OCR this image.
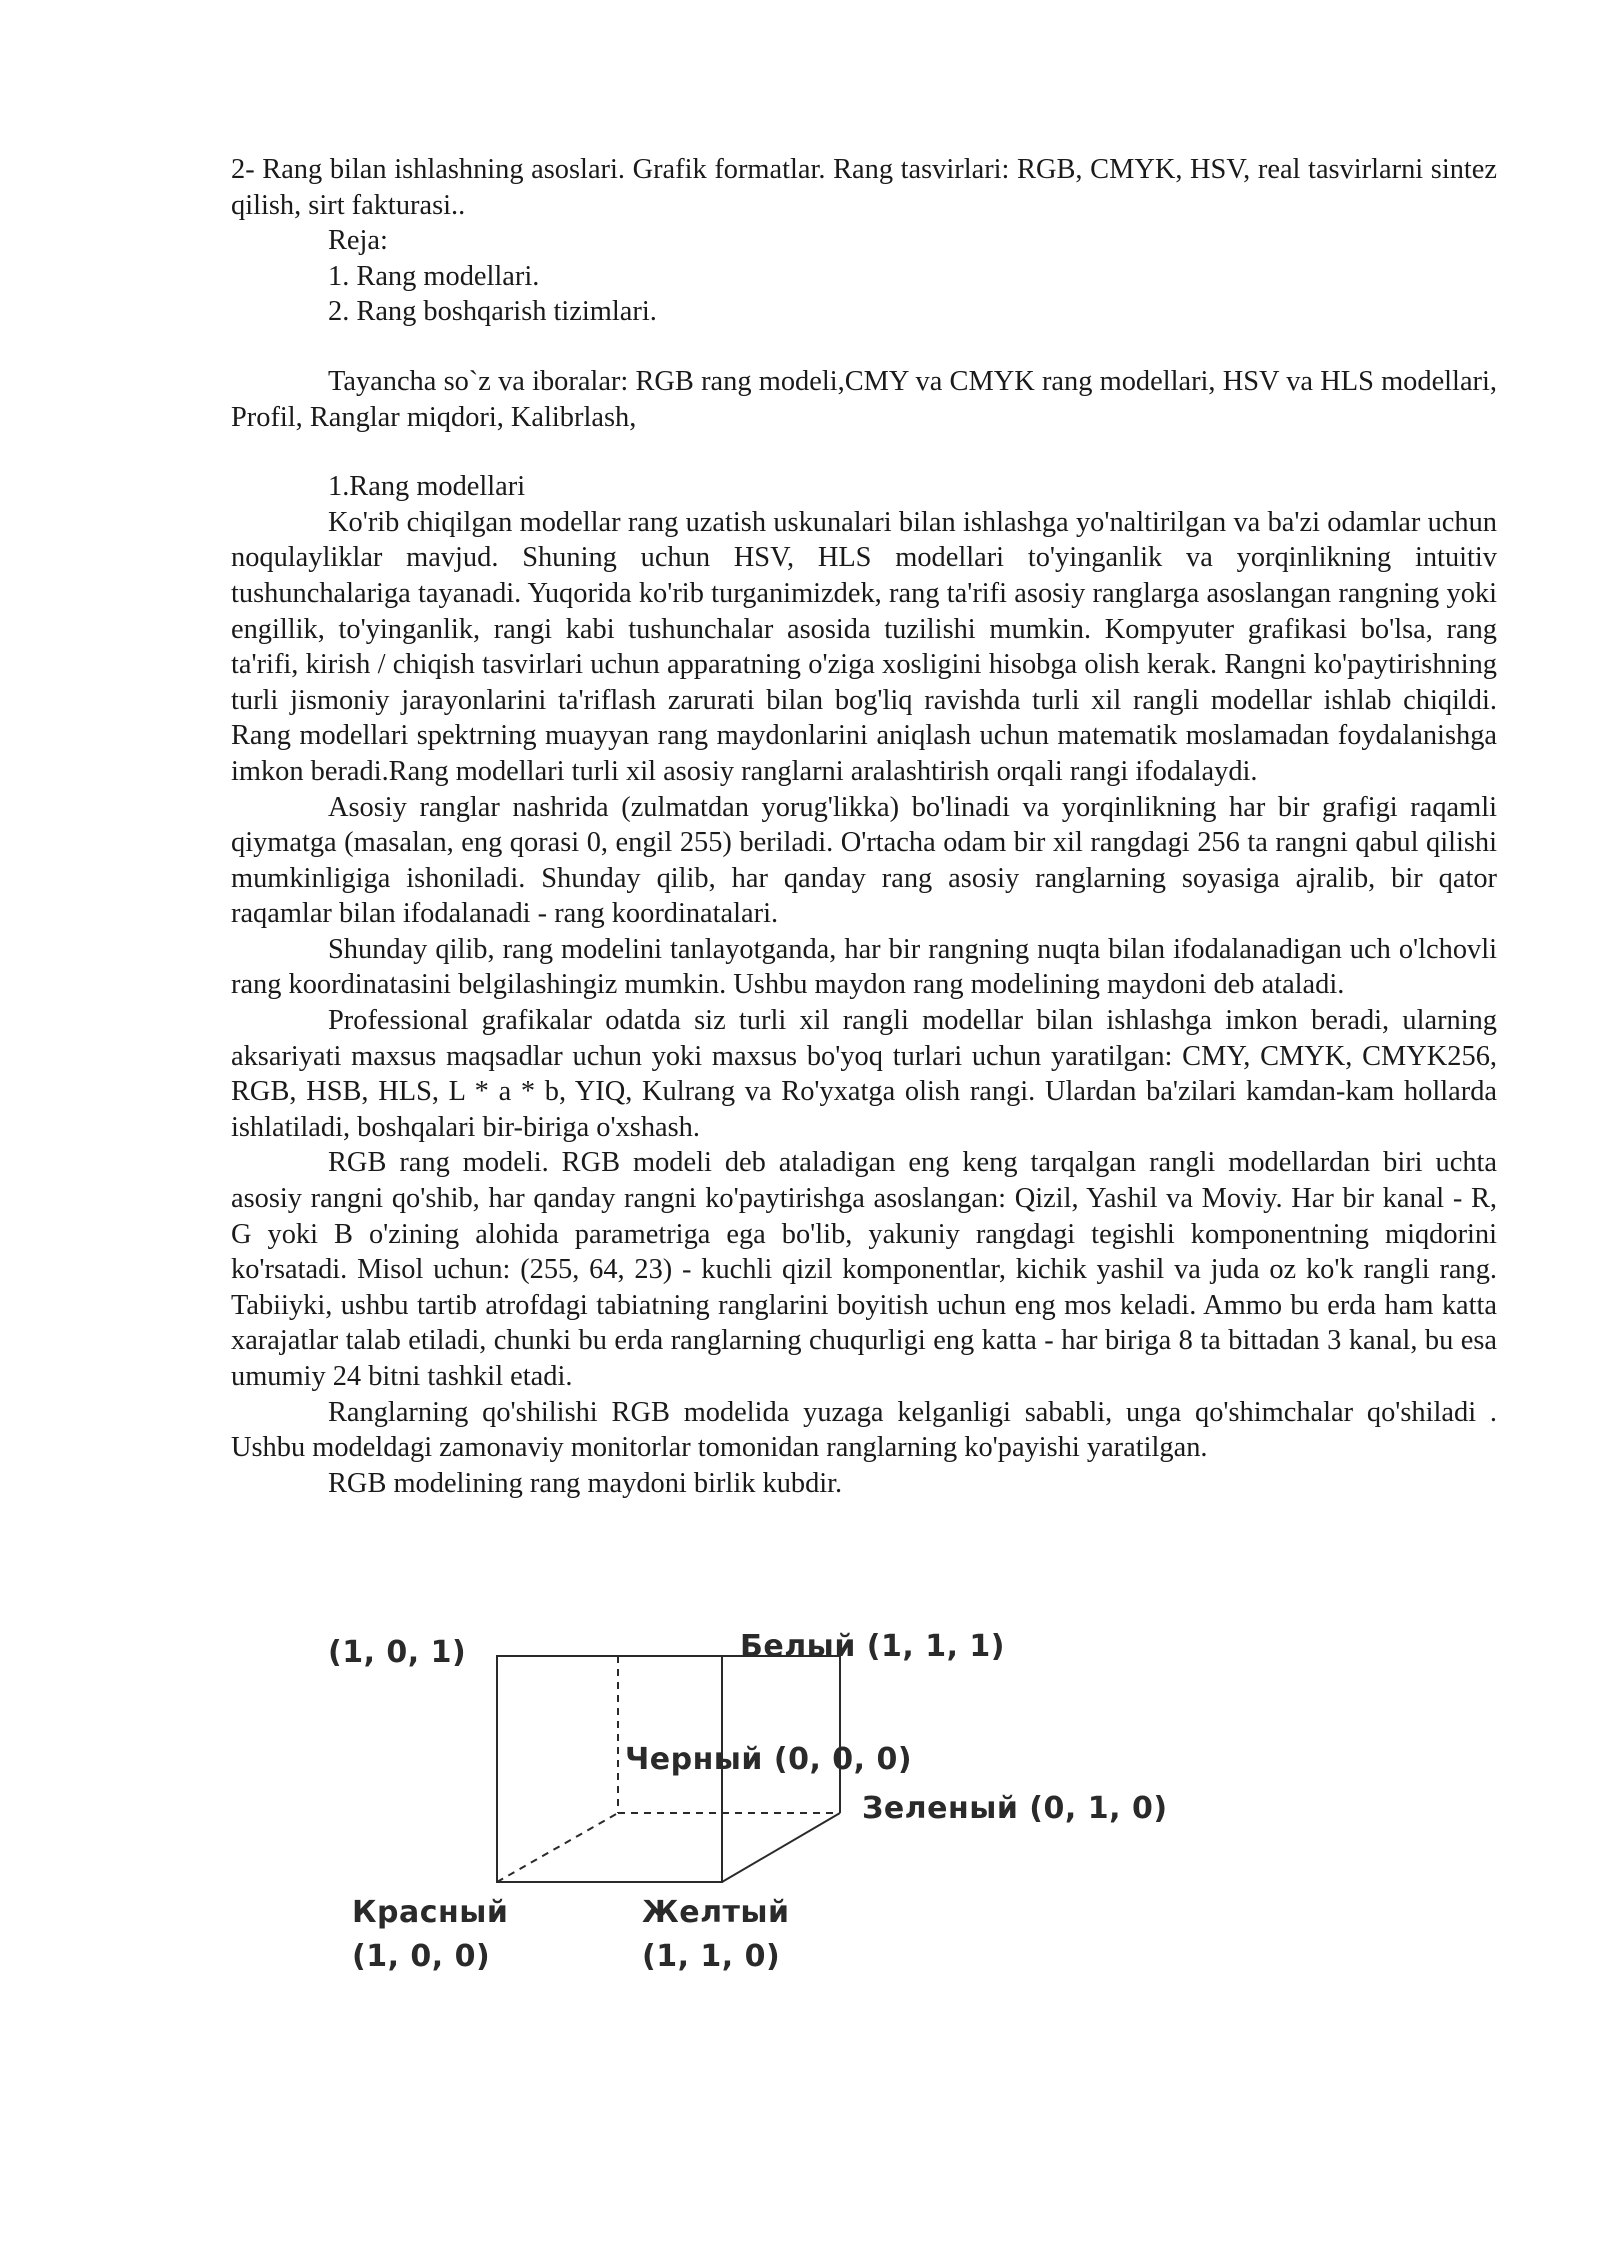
2- Rang bilan ishlashning asoslari. Grafik formatlar. Rang tasvirlari: RGB, CMYK, HSV, real tasvirlarni sintez qilish, sirt fakturasi..

Reja:

1. Rang modellari.

2. Rang boshqarish tizimlari.

Tayancha so`z va iboralar: RGB rang modeli,CMY va CMYK rang modellari, HSV va HLS modellari, Profil, Ranglar miqdori, Kalibrlash,

1.Rang modellari

Ko'rib chiqilgan modellar rang uzatish uskunalari bilan ishlashga yo'naltirilgan va ba'zi odamlar uchun noqulayliklar mavjud. Shuning uchun HSV, HLS modellari to'yinganlik va yorqinlikning intuitiv tushunchalariga tayanadi. Yuqorida ko'rib turganimizdek, rang ta'rifi asosiy ranglarga asoslangan rangning yoki engillik, to'yinganlik, rangi kabi tushunchalar asosida tuzilishi mumkin. Kompyuter grafikasi bo'lsa, rang ta'rifi, kirish / chiqish tasvirlari uchun apparatning o'ziga xosligini hisobga olish kerak. Rangni ko'paytirishning turli jismoniy jarayonlarini ta'riflash zarurati bilan bog'liq ravishda turli xil rangli modellar ishlab chiqildi. Rang modellari spektrning muayyan rang maydonlarini aniqlash uchun matematik moslamadan foydalanishga imkon beradi.Rang modellari turli xil asosiy ranglarni aralashtirish orqali rangi ifodalaydi.

Asosiy ranglar nashrida (zulmatdan yorug'likka) bo'linadi va yorqinlikning har bir grafigi raqamli qiymatga (masalan, eng qorasi 0, engil 255) beriladi. O'rtacha odam bir xil rangdagi 256 ta rangni qabul qilishi mumkinligiga ishoniladi. Shunday qilib, har qanday rang asosiy ranglarning soyasiga ajralib, bir qator raqamlar bilan ifodalanadi - rang koordinatalari.

Shunday qilib, rang modelini tanlayotganda, har bir rangning nuqta bilan ifodalanadigan uch o'lchovli rang koordinatasini belgilashingiz mumkin. Ushbu maydon rang modelining maydoni deb ataladi.

Professional grafikalar odatda siz turli xil rangli modellar bilan ishlashga imkon beradi, ularning aksariyati maxsus maqsadlar uchun yoki maxsus bo'yoq turlari uchun yaratilgan: CMY, CMYK, CMYK256, RGB, HSB, HLS, L * a * b, YIQ, Kulrang va Ro'yxatga olish rangi. Ulardan ba'zilari kamdan-kam hollarda ishlatiladi, boshqalari bir-biriga o'xshash.

RGB rang modeli. RGB modeli deb ataladigan eng keng tarqalgan rangli modellardan biri uchta asosiy rangni qo'shib, har qanday rangni ko'paytirishga asoslangan: Qizil, Yashil va Moviy. Har bir kanal - R, G yoki B o'zining alohida parametriga ega bo'lib, yakuniy rangdagi tegishli komponentning miqdorini ko'rsatadi. Misol uchun: (255, 64, 23) - kuchli qizil komponentlar, kichik yashil va juda oz ko'k rangli rang. Tabiiyki, ushbu tartib atrofdagi tabiatning ranglarini boyitish uchun eng mos keladi. Ammo bu erda ham katta xarajatlar talab etiladi, chunki bu erda ranglarning chuqurligi eng katta - har biriga 8 ta bittadan 3 kanal, bu esa umumiy 24 bitni tashkil etadi.

Ranglarning qo'shilishi RGB modelida yuzaga kelganligi sababli, unga qo'shimchalar qo'shiladi . Ushbu modeldagi zamonaviy monitorlar tomonidan ranglarning ko'payishi yaratilgan.

RGB modelining rang maydoni birlik kubdir.

(1, 0, 1)	Белый (1, 1, 1)
Черный (0, 0, 0)
Зеленый (0, 1, 0)
Красный
(1, 0, 0)
Желтый
(1, 1, 0)
